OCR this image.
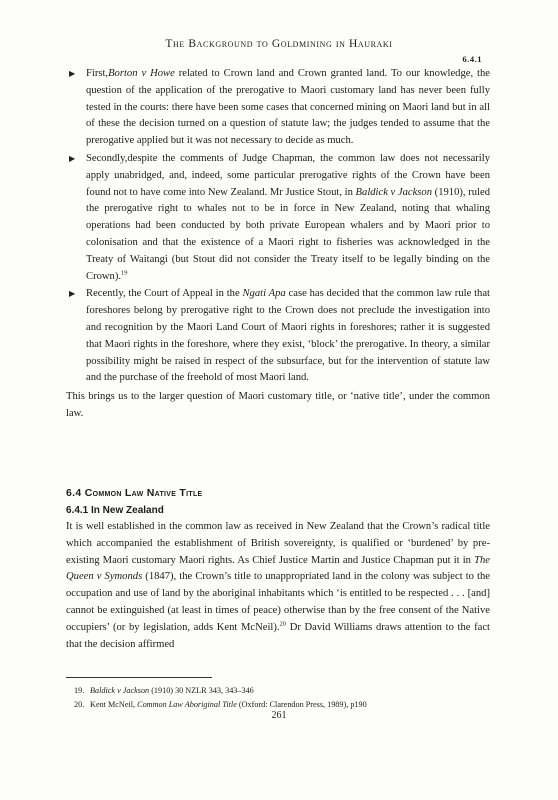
The Background to Goldmining in Hauraki
6.4.1
▶ First,Borton v Howe related to Crown land and Crown granted land. To our knowledge, the question of the application of the prerogative to Maori customary land has never been fully tested in the courts: there have been some cases that concerned mining on Maori land but in all of these the decision turned on a question of statute law; the judges tended to assume that the prerogative applied but it was not necessary to decide as much.
▶ Secondly,despite the comments of Judge Chapman, the common law does not necessarily apply unabridged, and, indeed, some particular prerogative rights of the Crown have been found not to have come into New Zealand. Mr Justice Stout, in Baldick v Jackson (1910), ruled the prerogative right to whales not to be in force in New Zealand, noting that whaling operations had been conducted by both private European whalers and by Maori prior to colonisation and that the existence of a Maori right to fisheries was acknowledged in the Treaty of Waitangi (but Stout did not consider the Treaty itself to be legally binding on the Crown).$^{19}$
▶ Recently, the Court of Appeal in the Ngati Apa case has decided that the common law rule that foreshores belong by prerogative right to the Crown does not preclude the investigation into and recognition by the Maori Land Court of Maori rights in foreshores; rather it is suggested that Maori rights in the foreshore, where they exist, ‘block’ the prerogative. In theory, a similar possibility might be raised in respect of the subsurface, but for the intervention of statute law and the purchase of the freehold of most Maori land.

This brings us to the larger question of Maori customary title, or ‘native title’, under the common law.

6.4 Common Law Native Title
6.4.1 In New Zealand
It is well established in the common law as received in New Zealand that the Crown’s radical title which accompanied the establishment of British sovereignty, is qualified or ‘burdened’ by pre-existing Maori customary Maori rights. As Chief Justice Martin and Justice Chapman put it in The Queen v Symonds (1847), the Crown’s title to unappropriated land in the colony was subject to the occupation and use of land by the aboriginal inhabitants which ‘is entitled to be respected . . . [and] cannot be extinguished (at least in times of peace) otherwise than by the free consent of the Native occupiers’ (or by legislation, adds Kent McNeil).$^{20}$ Dr David Williams draws attention to the fact that the decision affirmed
19. Baldick v Jackson (1910) 30 NZLR 343, 343–346
20. Kent McNeil, Common Law Aboriginal Title (Oxford: Clarendon Press, 1989), p190
261
